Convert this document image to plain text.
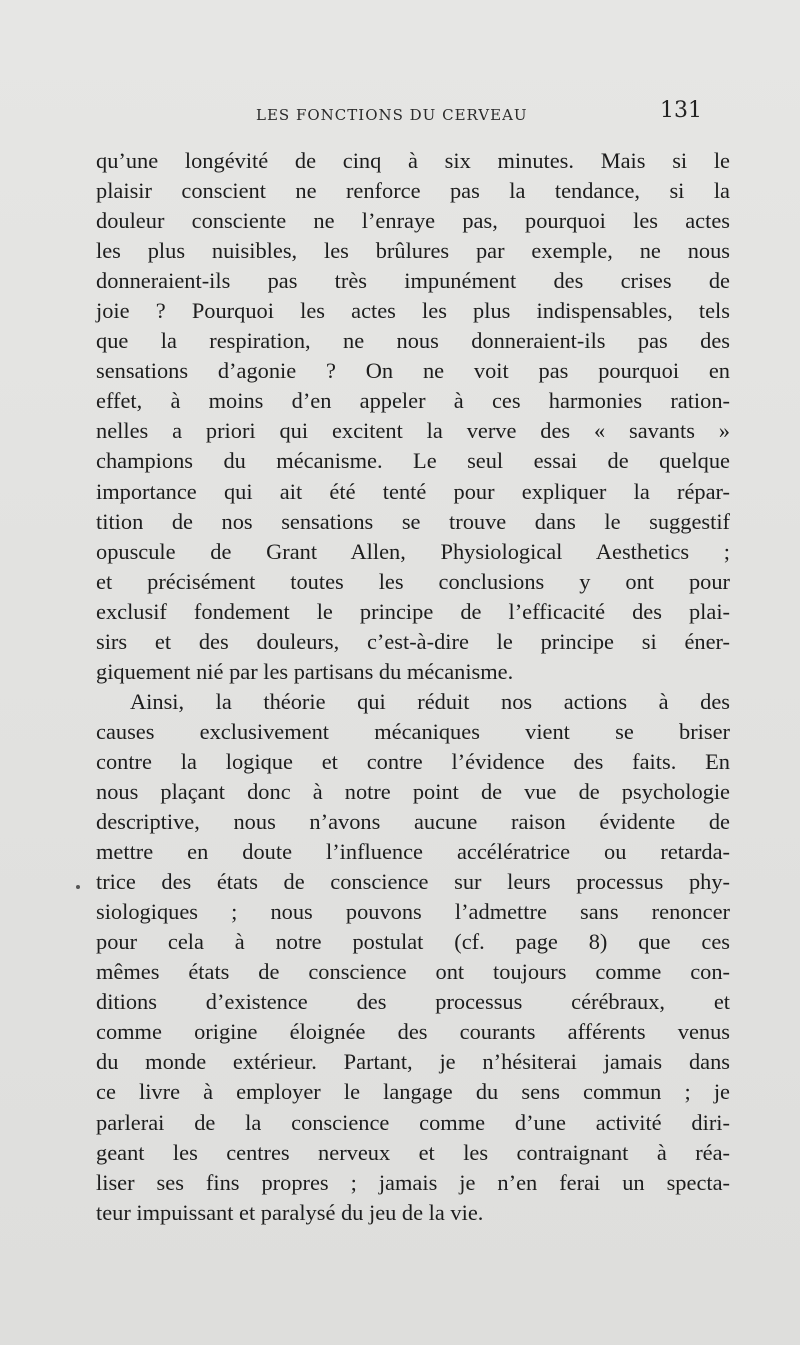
LES FONCTIONS DU CERVEAU	131
qu’une longévité de cinq à six minutes. Mais si le
plaisir conscient ne renforce pas la tendance, si la
douleur consciente ne l’enraye pas, pourquoi les actes
les plus nuisibles, les brûlures par exemple, ne nous
donneraient-ils pas très impunément des crises de
joie ? Pourquoi les actes les plus indispensables, tels
que la respiration, ne nous donneraient-ils pas des
sensations d’agonie ? On ne voit pas pourquoi en
effet, à moins d’en appeler à ces harmonies ration-
nelles a priori qui excitent la verve des « savants »
champions du mécanisme. Le seul essai de quelque
importance qui ait été tenté pour expliquer la répar-
tition de nos sensations se trouve dans le suggestif
opuscule de Grant Allen, Physiological Aesthetics ;
et précisément toutes les conclusions y ont pour
exclusif fondement le principe de l’efficacité des plai-
sirs et des douleurs, c’est-à-dire le principe si éner-
giquement nié par les partisans du mécanisme.
Ainsi, la théorie qui réduit nos actions à des
causes exclusivement mécaniques vient se briser
contre la logique et contre l’évidence des faits. En
nous plaçant donc à notre point de vue de psychologie
descriptive, nous n’avons aucune raison évidente de
mettre en doute l’influence accélératrice ou retarda-
trice des états de conscience sur leurs processus phy-
siologiques ; nous pouvons l’admettre sans renoncer
pour cela à notre postulat (cf. page 8) que ces
mêmes états de conscience ont toujours comme con-
ditions d’existence des processus cérébraux, et
comme origine éloignée des courants afférents venus
du monde extérieur. Partant, je n’hésiterai jamais dans
ce livre à employer le langage du sens commun ; je
parlerai de la conscience comme d’une activité diri-
geant les centres nerveux et les contraignant à réa-
liser ses fins propres ; jamais je n’en ferai un specta-
teur impuissant et paralysé du jeu de la vie.
